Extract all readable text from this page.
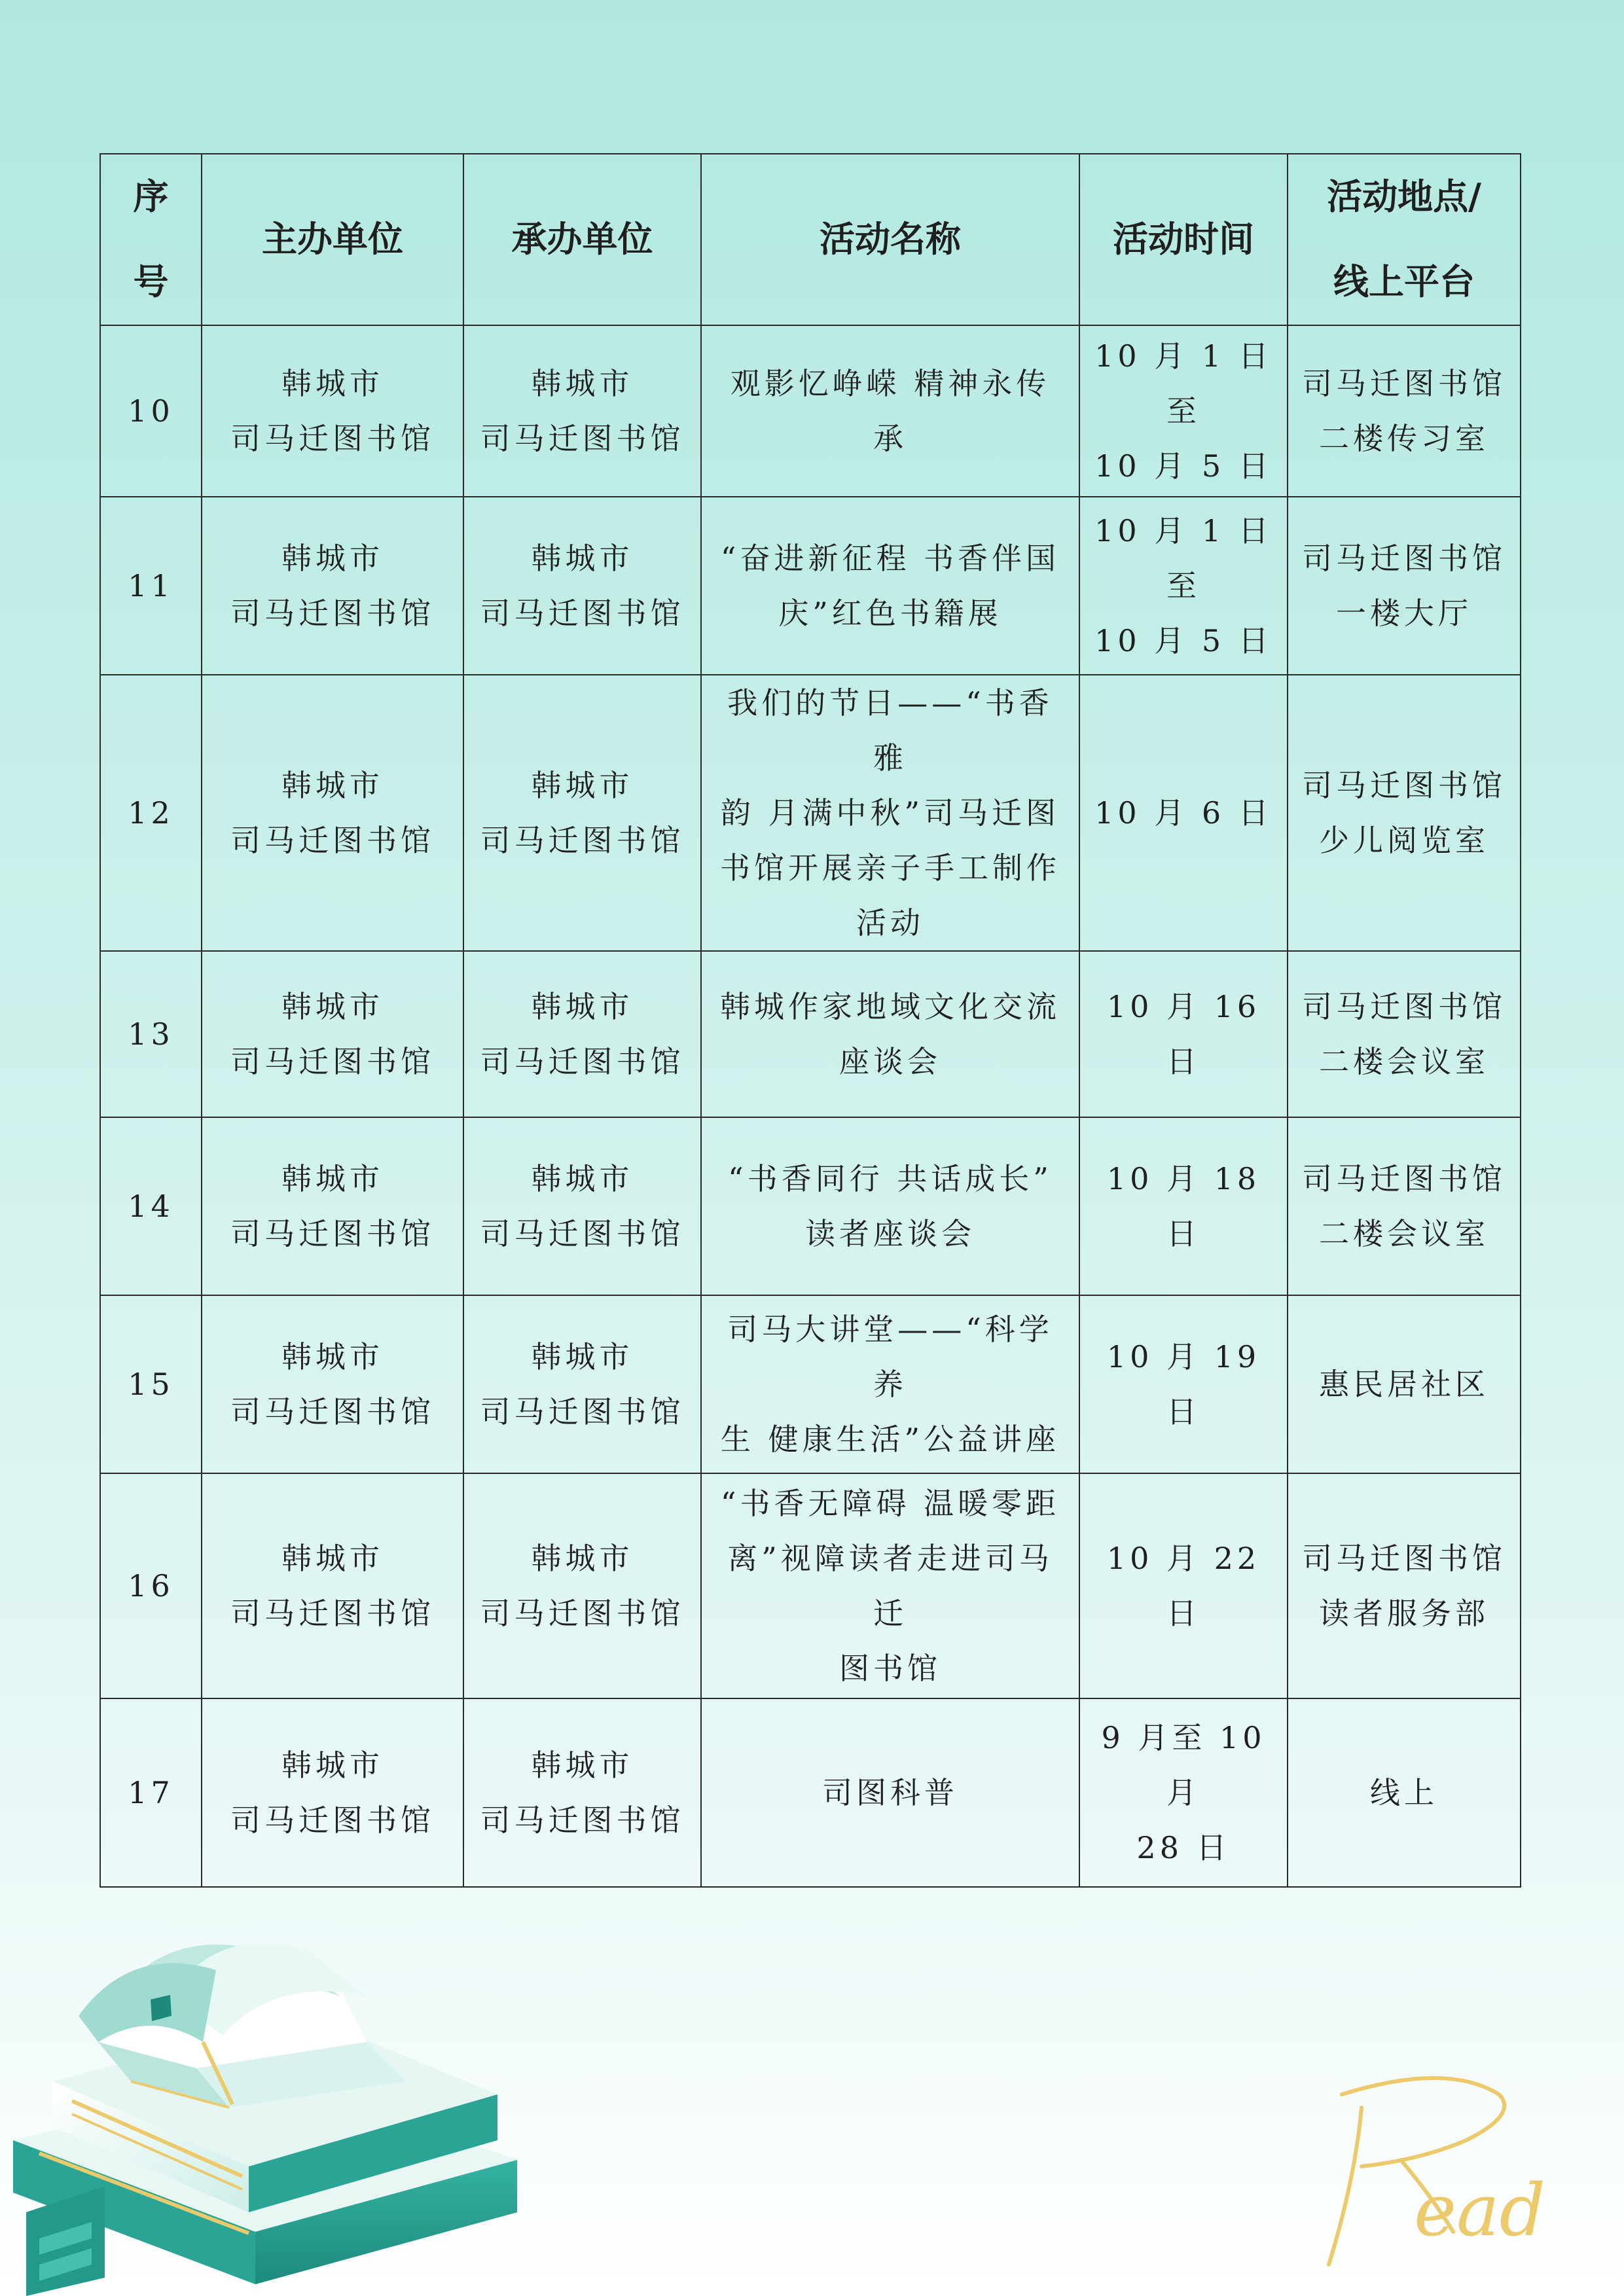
序
号	主办单位	承办单位	活动名称	活动时间	活动地点/
线上平台

10	韩城市
司马迁图书馆	韩城市
司马迁图书馆	观影忆峥嵘 精神永传承	10 月 1 日至
10 月 5 日	司马迁图书馆
二楼传习室

11	韩城市
司马迁图书馆	韩城市
司马迁图书馆	“奋进新征程 书香伴国
庆”红色书籍展	10 月 1 日至
10 月 5 日	司马迁图书馆
一楼大厅

12	韩城市
司马迁图书馆	韩城市
司马迁图书馆	我们的节日——“书香雅
韵 月满中秋”司马迁图
书馆开展亲子手工制作
活动	10 月 6 日	司马迁图书馆
少儿阅览室

13	韩城市
司马迁图书馆	韩城市
司马迁图书馆	韩城作家地域文化交流
座谈会	10 月 16 日	司马迁图书馆
二楼会议室

14	韩城市
司马迁图书馆	韩城市
司马迁图书馆	“书香同行 共话成长”
读者座谈会	10 月 18 日	司马迁图书馆
二楼会议室

15	韩城市
司马迁图书馆	韩城市
司马迁图书馆	司马大讲堂——“科学养
生 健康生活”公益讲座	10 月 19 日	惠民居社区

16	韩城市
司马迁图书馆	韩城市
司马迁图书馆	“书香无障碍 温暖零距
离”视障读者走进司马迁
图书馆	10 月 22 日	司马迁图书馆
读者服务部

17	韩城市
司马迁图书馆	韩城市
司马迁图书馆	司图科普	9 月至 10 月
28 日	线上
ead
